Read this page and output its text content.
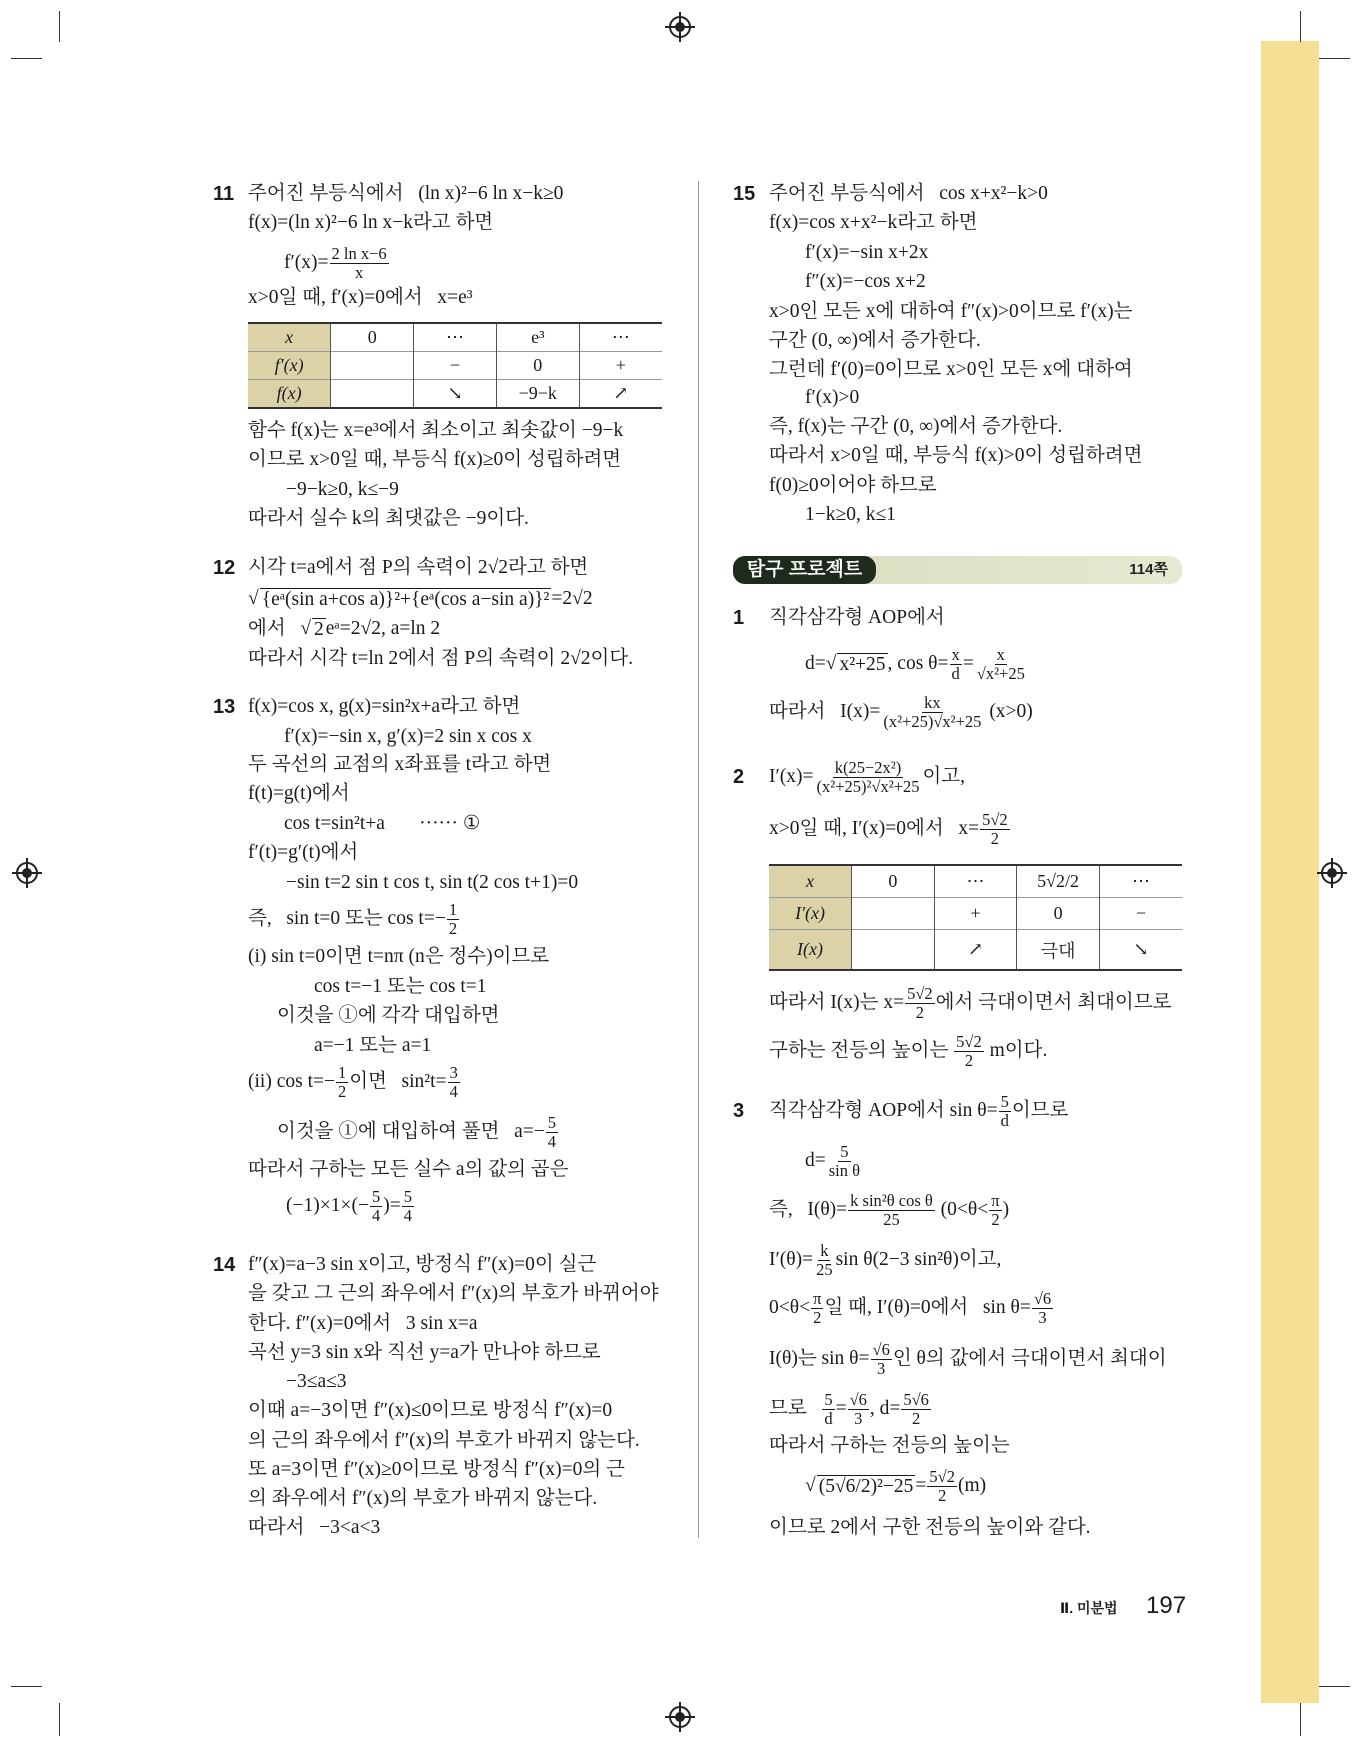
11 주어진 부등식에서   (ln x)²−6 ln x−k≥0
f(x)=(ln x)²−6 ln x−k라고 하면
$f'(x)= \frac{\text{2 ln x−6}}{x}$
x>0일 때, f′(x)=0에서   x=e³
함수 f(x)는 x=e³에서 최소이고 최솟값이 −9−k
이므로 x>0일 때, 부등식 f(x)≥0이 성립하려면
−9−k≥0, k≤−9
따라서 실수 k의 최댓값은 −9이다.
12 시각 t=a에서 점 P의 속력이 2√2라고 하면
√ {eᵃ(sin a+cos a)}²+{eᵃ(cos a−sin a)}² =2√2
에서 √ 2 eᵃ=2√2, a=ln 2
따라서 시각 t=ln 2에서 점 P의 속력이 2√2이다.
13 f(x)=cos x, g(x)=sin²x+a라고 하면
f′(x)=−sin x, g′(x)=2 sin x cos x
두 곡선의 교점의 x좌표를 t라고 하면
f(t)=g(t)에서
cos t=sin²t+a       ······ ①
f′(t)=g′(t)에서
−sin t=2 sin t cos t, sin t(2 cos t+1)=0
즉,   sin t=0 또는 $\cos t=- \frac{1}{2}$
(i) sin t=0이면 t=nπ (n은 정수)이므로
cos t=−1 또는 cos t=1
이것을 ①에 각각 대입하면
a=−1 또는 a=1
(ii) $\cos t=- \frac{1}{2}$ 이면   $\sin^2t= \frac{3}{4}$
이것을 ①에 대입하여 풀면   $a=- \frac{5}{4}$
따라서 구하는 모든 실수 a의 값의 곱은
$(-1)\times 1\times(- \frac{5}{4}$ )= $\frac{5}{4}$
14 f″(x)=a−3 sin x이고, 방정식 f″(x)=0이 실근
을 갖고 그 근의 좌우에서 f″(x)의 부호가 바뀌어야
한다. f″(x)=0에서   3 sin x=a
곡선 y=3 sin x와 직선 y=a가 만나야 하므로
−3≤a≤3
이때 a=−3이면 f″(x)≤0이므로 방정식 f″(x)=0
의 근의 좌우에서 f″(x)의 부호가 바뀌지 않는다.
또 a=3이면 f″(x)≥0이므로 방정식 f″(x)=0의 근
의 좌우에서 f″(x)의 부호가 바뀌지 않는다.
따라서   −3<a<3
15 주어진 부등식에서   cos x+x²−k>0
f(x)=cos x+x²−k라고 하면
f′(x)=−sin x+2x
f″(x)=−cos x+2
x>0인 모든 x에 대하여 f″(x)>0이므로 f′(x)는
구간 (0, ∞)에서 증가한다.
그런데 f′(0)=0이므로 x>0인 모든 x에 대하여
f′(x)>0
즉, f(x)는 구간 (0, ∞)에서 증가한다.
따라서 x>0일 때, 부등식 f(x)>0이 성립하려면
f(0)≥0이어야 하므로
1−k≥0, k≤1
1 직각삼각형 AOP에서
d= √ x²+25 , $\cos \theta= \frac{x}{d} = \frac{x}{\text{√x²+25}}$
따라서   $I(x)= \frac{kx}{\text{(x²+25)√x²+25}} (x>0)$
2 $I'(x)= \frac{\text{k(25−2x²)}}{\text{(x²+25)²√x²+25}}$ 이고,
x>0일 때, I′(x)=0에서   $x= \frac{5√2}{2}$
따라서 I(x)는 $x= \frac{5√2}{2}$ 에서 극대이면서 최대이므로
구하는 전등의 높이는 $\frac{5√2}{2}$ m이다.
3 직각삼각형 AOP에서 $\sin \theta= \frac{5}{d}$ 이므로
$d= \frac{5}{\text{sin θ}}$
즉,   $I(\theta)= \frac{\text{k sin²θ cos θ}}{25} (0<\theta< \frac{\pi}{2}$ )
$I'(\theta)= \frac{k}{25}$ sin θ(2−3 sin²θ)이고,
$0<\theta< \frac{\pi}{2}$ 일 때, I′(θ)=0에서   $\sin \theta= \frac{√6}{3}$
I(θ)는 $\sin \theta= \frac{√6}{3}$ 인 θ의 값에서 극대이면서 최대이
므로 $\frac{5}{d} = \frac{√6}{3}$ , $d= \frac{5√6}{2}$
따라서 구하는 전등의 높이는
√ $(5√6/2)^2-25 = \frac{5√2}{2} (m)$
이므로 2에서 구한 전등의 높이와 같다.
x	0	⋯	e³	⋯
f′(x)		−	0	+
f(x)		↘	−9−k	↗
x	0	⋯	5√2/2	⋯
I′(x)		+	0	−
I(x)		↗	극대	↘
탐구 프로젝트	114쪽
Ⅱ. 미분법 197
